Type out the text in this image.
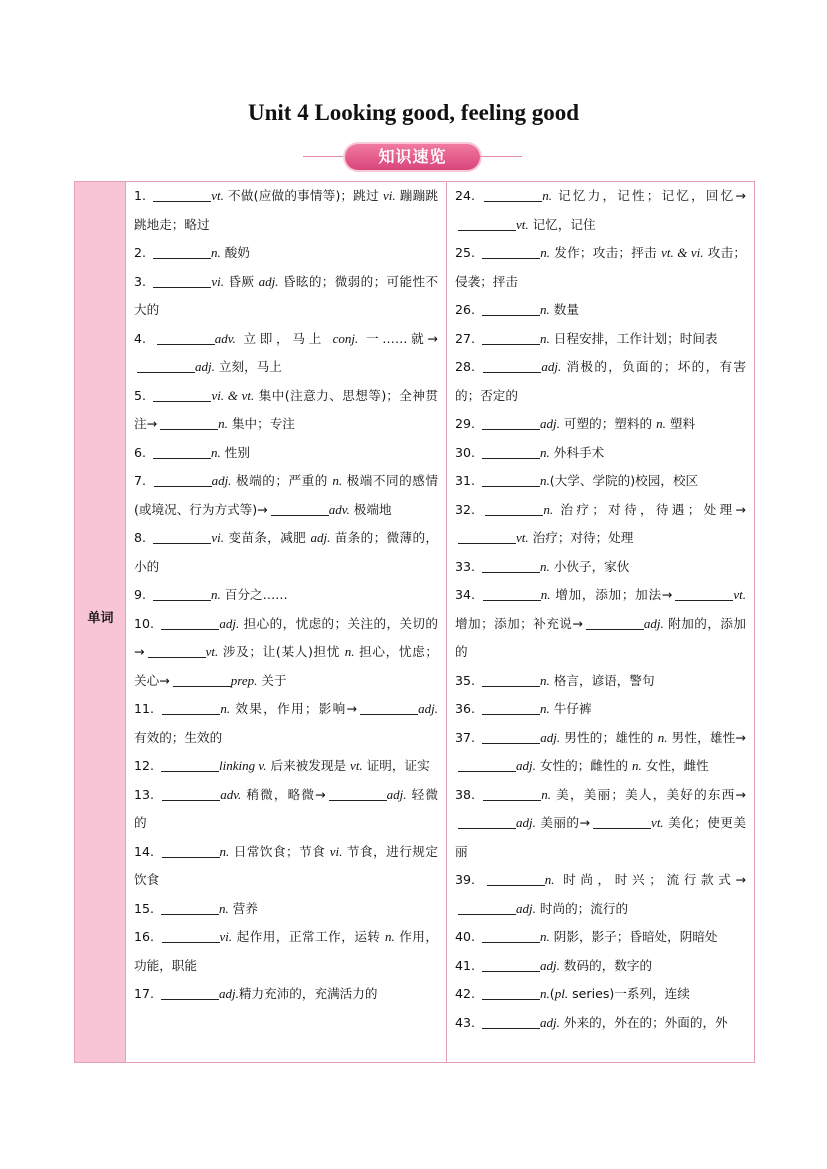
Unit 4 Looking good, feeling good
知识速览
单词
1.	vt. 不做(应做的事情等)；跳过 vi. 蹦蹦跳跳地走；略过
2.	n. 酸奶
3.	vi. 昏厥 adj. 昏眩的；微弱的；可能性不大的
4.	adv. 立即，马上 conj. 一……就→adj. 立刻，马上
5.	vi. & vt. 集中(注意力、思想等)；全神贯注→	n. 集中；专注
6.	n. 性别
7.	adj. 极端的；严重的 n. 极端不同的感情(或境况、行为方式等)→	adv. 极端地
8.	vi. 变苗条，减肥 adj. 苗条的；微薄的，小的
9.	n. 百分之……
10.	adj. 担心的，忧虑的；关注的，关切的→	vt. 涉及；让(某人)担忧 n. 担心，忧虑；关心→	prep. 关于
11.	n. 效果，作用；影响→	adj. 有效的；生效的
12.	linking v. 后来被发现是 vt. 证明，证实
13.	adv. 稍微，略微→	adj. 轻微的
14.	n. 日常饮食；节食 vi. 节食，进行规定饮食
15.	n. 营养
16.	vi. 起作用，正常工作，运转 n. 作用，功能，职能
17.	adj.精力充沛的，充满活力的
24.	n. 记忆力，记性；记忆，回忆→vt. 记忆，记住
25.	n. 发作；攻击；抨击 vt. & vi. 攻击；侵袭；抨击
26.	n. 数量
27.	n. 日程安排，工作计划；时间表
28.	adj. 消极的，负面的；坏的，有害的；否定的
29.	adj. 可塑的；塑料的 n. 塑料
30.	n. 外科手术
31.	n.(大学、学院的)校园，校区
32.	n. 治疗；对待，待遇；处理→vt. 治疗；对待；处理
33.	n. 小伙子，家伙
34.	n. 增加，添加；加法→	vt. 增加；添加；补充说→	adj. 附加的，添加的
35.	n. 格言，谚语，警句
36.	n. 牛仔裤
37.	adj. 男性的；雄性的 n. 男性，雄性→adj. 女性的；雌性的 n. 女性，雌性
38.	n. 美，美丽；美人，美好的东西→adj. 美丽的→	vt. 美化；使更美丽
39.	n. 时尚，时兴；流行款式→adj. 时尚的；流行的
40.	n. 阴影，影子；昏暗处，阴暗处
41.	adj. 数码的，数字的
42.	n.(pl. series)一系列，连续
43.	adj. 外来的，外在的；外面的，外
